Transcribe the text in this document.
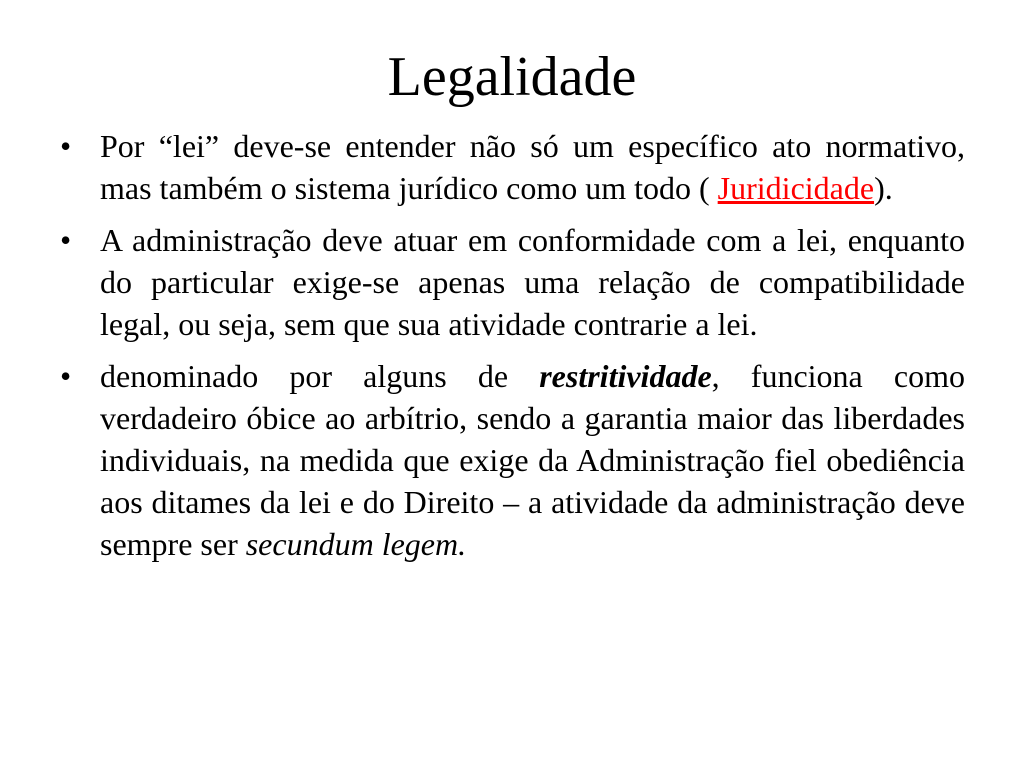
Legalidade
• Por “lei” deve-se entender não só um específico ato normativo, mas também o sistema jurídico como um todo ( Juridicidade).
• A administração deve atuar em conformidade com a lei, enquanto do particular exige-se apenas uma relação de compatibilidade legal, ou seja, sem que sua atividade contrarie a lei.
• denominado por alguns de restritividade, funciona como verdadeiro óbice ao arbítrio, sendo a garantia maior das liberdades individuais, na medida que exige da Administração fiel obediência aos ditames da lei e do Direito – a atividade da administração deve sempre ser secundum legem.
